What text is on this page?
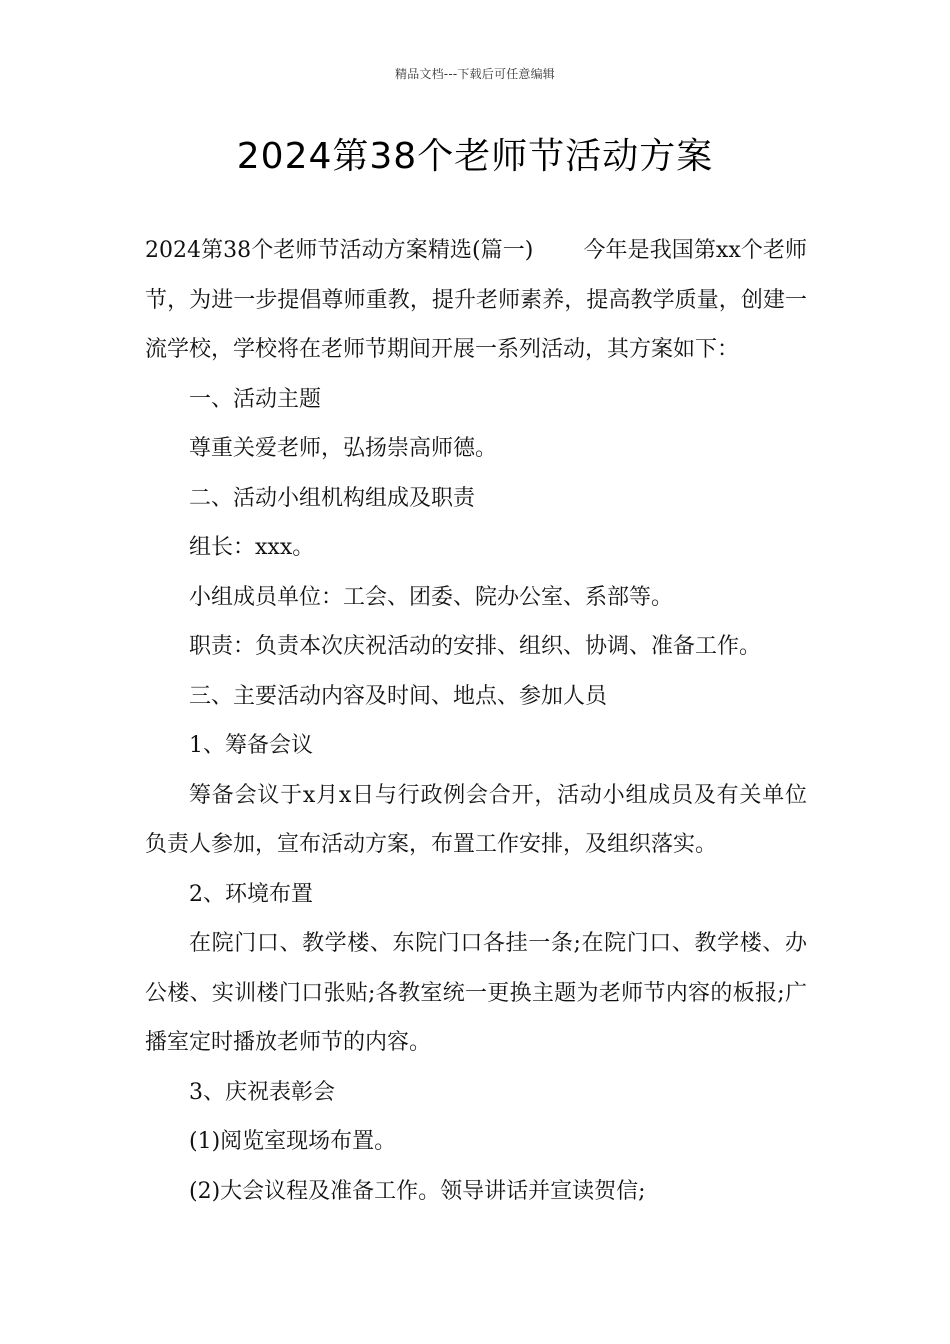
精品文档---下载后可任意编辑
2024第38个老师节活动方案

2024第38个老师节活动方案精选(篇一) 今年是我国第xx个老师节，为进一步提倡尊师重教，提升老师素养，提高教学质量，创建一流学校，学校将在老师节期间开展一系列活动，其方案如下：

一、活动主题

尊重关爱老师，弘扬崇高师德。

二、活动小组机构组成及职责

组长：xxx。

小组成员单位：工会、团委、院办公室、系部等。

职责：负责本次庆祝活动的安排、组织、协调、准备工作。

三、主要活动内容及时间、地点、参加人员

1、筹备会议

筹备会议于x月x日与行政例会合开，活动小组成员及有关单位负责人参加，宣布活动方案，布置工作安排，及组织落实。

2、环境布置

在院门口、教学楼、东院门口各挂一条;在院门口、教学楼、办公楼、实训楼门口张贴;各教室统一更换主题为老师节内容的板报;广播室定时播放老师节的内容。

3、庆祝表彰会

(1)阅览室现场布置。

(2)大会议程及准备工作。领导讲话并宣读贺信;
